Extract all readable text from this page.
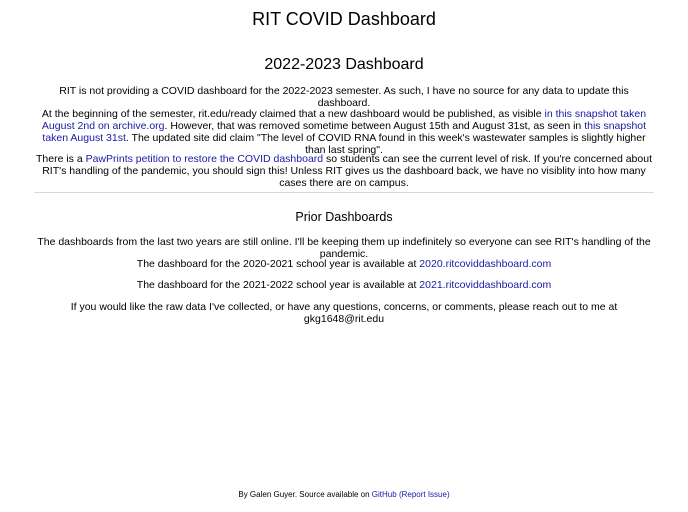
RIT COVID Dashboard
2022-2023 Dashboard

RIT is not providing a COVID dashboard for the 2022-2023 semester. As such, I have no source for any data to update this dashboard.

At the beginning of the semester, rit.edu/ready claimed that a new dashboard would be published, as visible in this snapshot taken August 2nd on archive.org. However, that was removed sometime between August 15th and August 31st, as seen in this snapshot taken August 31st. The updated site did claim "The level of COVID RNA found in this week's wastewater samples is slightly higher than last spring".

There is a PawPrints petition to restore the COVID dashboard so students can see the current level of risk. If you're concerned about RIT's handling of the pandemic, you should sign this! Unless RIT gives us the dashboard back, we have no visiblity into how many cases there are on campus.

Prior Dashboards

The dashboards from the last two years are still online. I'll be keeping them up indefinitely so everyone can see RIT's handling of the pandemic.

The dashboard for the 2020-2021 school year is available at 2020.ritcoviddashboard.com

The dashboard for the 2021-2022 school year is available at 2021.ritcoviddashboard.com

If you would like the raw data I've collected, or have any questions, concerns, or comments, please reach out to me at gkg1648@rit.edu

By Galen Guyer. Source available on GitHub (Report Issue)
